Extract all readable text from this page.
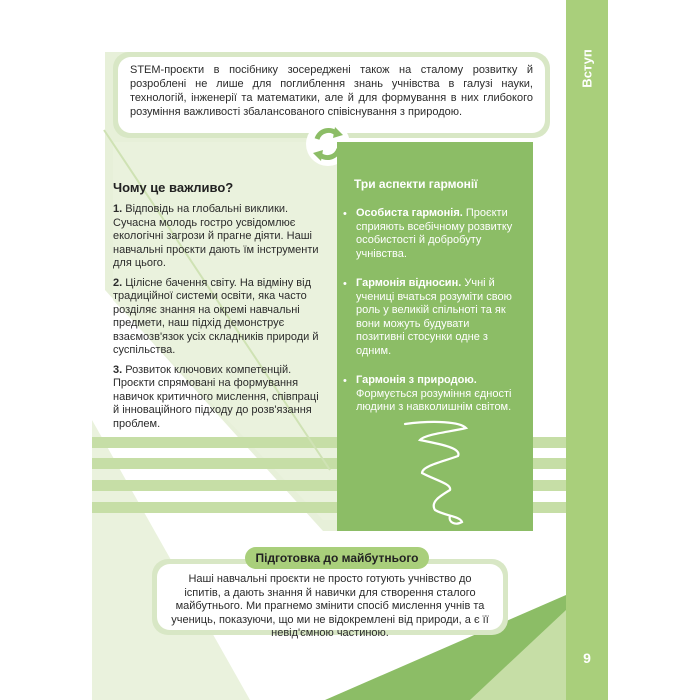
Вступ
9
STEM-проєкти в посібнику зосереджені також на сталому розвитку й розроблені не лише для поглиблення знань учнівства в галузі науки, технологій, інженерії та математики, але й для формування в них глибокого розуміння важливості збалансованого співіснування з природою.
Чому це важливо?

1. Відповідь на глобальні виклики. Сучасна молодь гостро усвідомлює екологічні загрози й прагне діяти. Наші навчальні проєкти дають їм інструменти для цього.

2. Цілісне бачення світу. На відміну від традиційної системи освіти, яка часто розділяє знання на окремі навчальні предмети, наш підхід демонструє взаємозв'язок усіх складників природи й суспільства.

3. Розвиток ключових компетенцій. Проєкти спрямовані на формування навичок критичного мислення, співпраці й інноваційного підходу до розв'язання проблем.

Три аспекти гармонії
• Особиста гармонія. Проєкти сприяють всебічному розвитку особистості й добробуту учнівства.
• Гармонія відносин. Учні й учениці вчаться розуміти свою роль у великій спільноті та як вони можуть будувати позитивні стосунки одне з одним.
• Гармонія з природою. Формується розуміння єдності людини з навколишнім світом.
Наші навчальні проєкти не просто готують учнівство до іспитів, а дають знання й навички для створення сталого майбутнього. Ми прагнемо змінити спосіб мислення учнів та учениць, показуючи, що ми не відокремлені від природи, а є її невід'ємною частиною.
Підготовка до майбутнього
